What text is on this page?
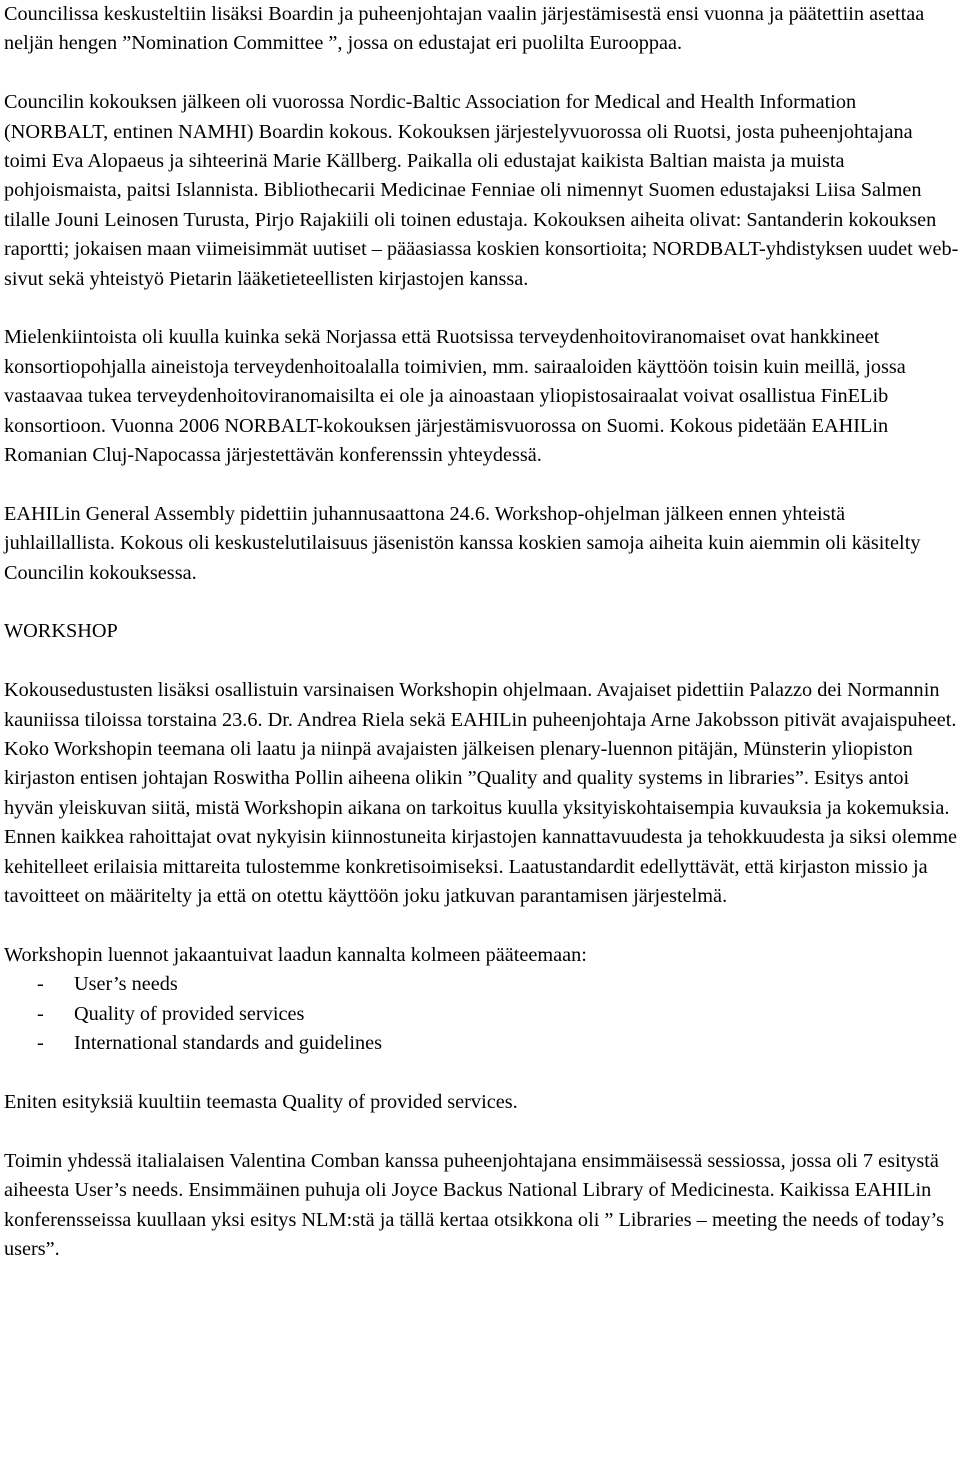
Councilissa keskusteltiin lisäksi Boardin ja puheenjohtajan vaalin järjestämisestä ensi vuonna ja päätettiin asettaa neljän hengen ”Nomination Committee ”, jossa on edustajat eri puolilta Eurooppaa.

Councilin kokouksen jälkeen oli vuorossa Nordic-Baltic Association for Medical and Health Information (NORBALT, entinen NAMHI) Boardin kokous. Kokouksen järjestelyvuorossa oli Ruotsi, josta puheenjohtajana toimi Eva Alopaeus ja sihteerinä Marie Källberg. Paikalla oli edustajat kaikista Baltian maista ja muista pohjoismaista, paitsi Islannista. Bibliothecarii Medicinae Fenniae oli nimennyt Suomen edustajaksi Liisa Salmen tilalle Jouni Leinosen Turusta, Pirjo Rajakiili oli toinen edustaja. Kokouksen aiheita olivat: Santanderin kokouksen raportti; jokaisen maan viimeisimmät uutiset – pääasiassa koskien konsortioita; NORDBALT-yhdistyksen uudet web-sivut sekä yhteistyö Pietarin lääketieteellisten kirjastojen kanssa.

Mielenkiintoista oli kuulla kuinka sekä Norjassa että Ruotsissa terveydenhoitoviranomaiset ovat hankkineet konsortiopohjalla aineistoja terveydenhoitoalalla toimivien, mm. sairaaloiden käyttöön toisin kuin meillä, jossa vastaavaa tukea terveydenhoitoviranomaisilta ei ole ja ainoastaan yliopistosairaalat voivat osallistua FinELib konsortioon. Vuonna 2006 NORBALT-kokouksen järjestämisvuorossa on Suomi. Kokous pidetään EAHILin Romanian Cluj-Napocassa järjestettävän konferenssin yhteydessä.

EAHILin General Assembly pidettiin juhannusaattona 24.6. Workshop-ohjelman jälkeen ennen yhteistä juhlaillallista. Kokous oli keskustelutilaisuus jäsenistön kanssa koskien samoja aiheita kuin aiemmin oli käsitelty Councilin kokouksessa.

WORKSHOP

Kokousedustusten lisäksi osallistuin varsinaisen Workshopin ohjelmaan. Avajaiset pidettiin Palazzo dei Normannin kauniissa tiloissa torstaina 23.6. Dr. Andrea Riela sekä EAHILin puheenjohtaja Arne Jakobsson pitivät avajaispuheet. Koko Workshopin teemana oli laatu ja niinpä avajaisten jälkeisen plenary-luennon pitäjän, Münsterin yliopiston kirjaston entisen johtajan Roswitha Pollin aiheena olikin ”Quality and quality systems in libraries”. Esitys antoi hyvän yleiskuvan siitä, mistä Workshopin aikana on tarkoitus kuulla yksityiskohtaisempia kuvauksia ja kokemuksia. Ennen kaikkea rahoittajat ovat nykyisin kiinnostuneita kirjastojen kannattavuudesta ja tehokkuudesta ja siksi olemme kehitelleet erilaisia mittareita tulostemme konkretisoimiseksi. Laatustandardit edellyttävät, että kirjaston missio ja tavoitteet on määritelty ja että on otettu käyttöön joku jatkuvan parantamisen järjestelmä.

Workshopin luennot jakaantuivat laadun kannalta kolmeen pääteemaan:
-	User’s needs
-	Quality of provided services
-	International standards and guidelines

Eniten esityksiä kuultiin teemasta Quality of provided services.

Toimin yhdessä italialaisen Valentina Comban kanssa puheenjohtajana ensimmäisessä sessiossa, jossa oli 7 esitystä aiheesta User’s needs. Ensimmäinen puhuja oli Joyce Backus National Library of Medicinesta. Kaikissa EAHILin konferensseissa kuullaan yksi esitys NLM:stä ja tällä kertaa otsikkona oli ” Libraries – meeting the needs of today’s users”.
